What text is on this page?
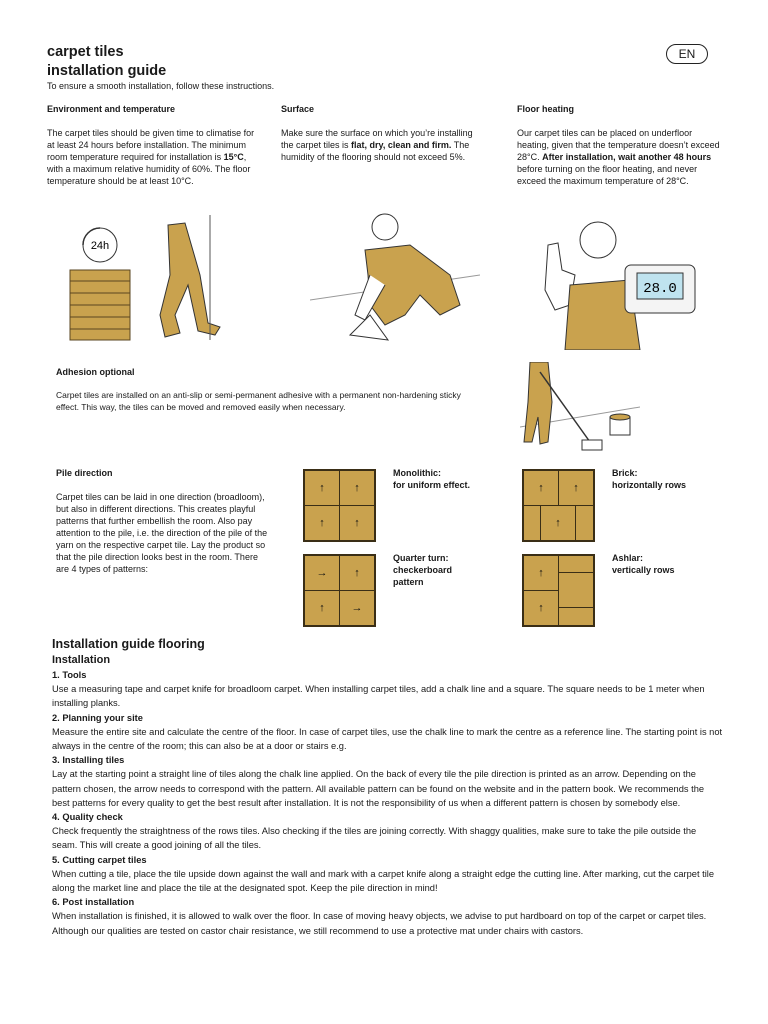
carpet tiles
installation guide
EN
To ensure a smooth installation, follow these instructions.
Environment and temperature
The carpet tiles should be given time to climatise for at least 24 hours before installation. The minimum room temperature required for installation is 15°C, with a maximum relative humidity of 60%. The floor temperature should be at least 10°C.
Surface
Make sure the surface on which you’re installing the carpet tiles is flat, dry, clean and firm. The humidity of the flooring should not exceed 5%.
Floor heating
Our carpet tiles can be placed on underfloor heating, given that the temperature doesn’t exceed 28°C. After installation, wait another 48 hours before turning on the floor heating, and never exceed the maximum temperature of 28°C.
24h
28.0
Adhesion optional
Carpet tiles are installed on an anti-slip or semi-permanent adhesive with a permanent non-hardening sticky effect. This way, the tiles can be moved and removed easily when necessary.
Pile direction
Carpet tiles can be laid in one direction (broadloom), but also in different directions. This creates playful patterns that further embellish the room. Also pay attention to the pile, i.e. the direction of the pile of the yarn on the respective carpet tile. Lay the product so that the pile direction looks best in the room. There are 4 types of patterns:
↑	↑
↑	↑
Monolithic:
for uniform effect.	↑	↑
↑
Brick:
horizontally rows
→	↑
↑	→
Quarter turn:
checkerboard
pattern
↑
↑
Ashlar:
vertically rows
Installation guide flooring
Installation
1. Tools
Use a measuring tape and carpet knife for broadloom carpet. When installing carpet tiles, add a chalk line and a square. The square needs to be 1 meter when installing planks.
2. Planning your site
Measure the entire site and calculate the centre of the floor. In case of carpet tiles, use the chalk line to mark the centre as a reference line. The starting point is not always in the centre of the room; this can also be at a door or stairs e.g.
3. Installing tiles
Lay at the starting point a straight line of tiles along the chalk line applied. On the back of every tile the pile direction is printed as an arrow. Depending on the pattern chosen, the arrow needs to correspond with the pattern. All available pattern can be found on the website and in the pattern book. We recommends the best patterns for every quality to get the best result after installation. It is not the responsibility of us when a different pattern is chosen by somebody else.
4. Quality check
Check frequently the straightness of the rows tiles. Also checking if the tiles are joining correctly. With shaggy qualities, make sure to take the pile outside the seam. This will create a good joining of all the tiles.
5. Cutting carpet tiles
When cutting a tile, place the tile upside down against the wall and mark with a carpet knife along a straight edge the cutting line. After marking, cut the carpet tile along the market line and place the tile at the designated spot. Keep the pile direction in mind!
6. Post installation
When installation is finished, it is allowed to walk over the floor. In case of moving heavy objects, we advise to put hardboard on top of the carpet or carpet tiles. Although our qualities are tested on castor chair resistance, we still recommend to use a protective mat under chairs with castors.
